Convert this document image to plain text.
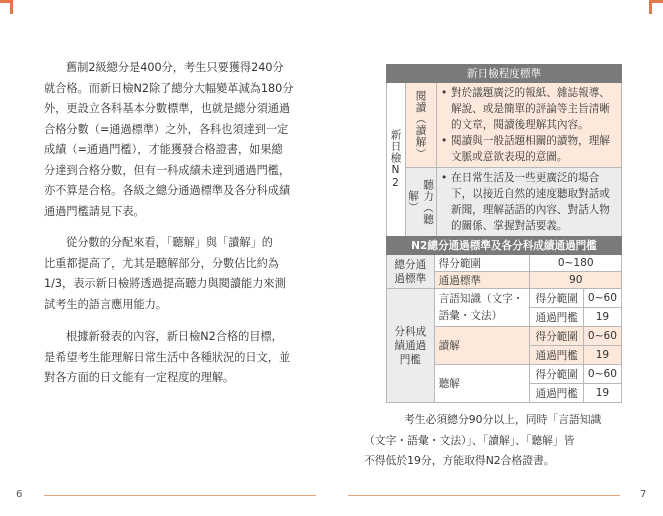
舊制2級總分是400分，考生只要獲得240分

就合格。而新日檢N2除了總分大幅變革減為180分

外，更設立各科基本分數標準，也就是總分須通過

合格分數（=通過標準）之外，各科也須達到一定

成績（=通過門檻），才能獲發合格證書，如果總

分達到合格分數，但有一科成績未達到通過門檻，

亦不算是合格。各級之總分通過標準及各分科成績

通過門檻請見下表。

從分數的分配來看，「聽解」與「讀解」的

比重都提高了，尤其是聽解部分，分數佔比約為

1/3，表示新日檢將透過提高聽力與閱讀能力來測

試考生的語言應用能力。

根據新發表的內容，新日檢N2合格的目標，

是希望考生能理解日常生活中各種狀況的日文，並

對各方面的日文能有一定程度的理解。

新日檢程度標準		
新日檢N2	閱讀（讀解）	• 對於議題廣泛的報紙、雜誌報導、解說、或是簡單的評論等主旨清晰的文章，閱讀後理解其內容。
• 閱讀與一般話題相關的讀物，理解文脈或意欲表現的意圖。

	聽力（聽解）	• 在日常生活及一些更廣泛的場合下，以接近自然的速度聽取對話或新聞，理解話語的內容、對話人物的關係、掌握對話要義。
N2總分通過標準及各分科成績通過門檻			
總分通過標準	得分範圍	0~180	
	通過標準	90	
分科成績通過門檻	言語知識（文字・語彙・文法）	得分範圍	0~60
		通過門檻	19
	讀解	得分範圍	0~60
		通過門檻	19
	聽解	得分範圍	0~60
		通過門檻	19

考生必須總分90分以上，同時「言語知識

（文字・語彙・文法）」、「讀解」、「聽解」皆

不得低於19分，方能取得N2合格證書。

6	7
